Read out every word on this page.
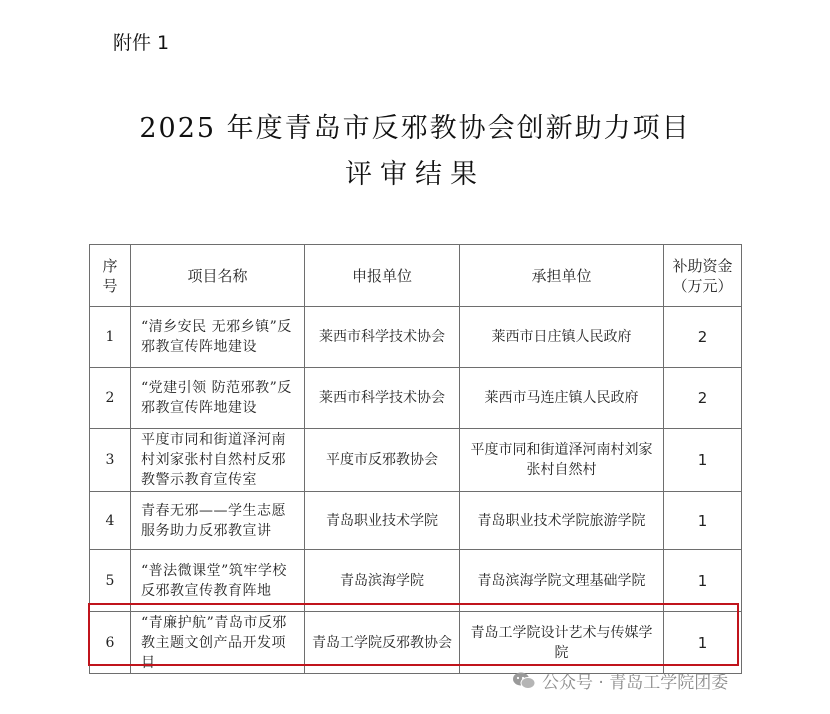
附件 1
2025 年度青岛市反邪教协会创新助力项目
评审结果
序号	项目名称	申报单位	承担单位	补助资金（万元）
1	“清乡安民 无邪乡镇”反邪教宣传阵地建设	莱西市科学技术协会	莱西市日庄镇人民政府	2
2	“党建引领 防范邪教”反邪教宣传阵地建设	莱西市科学技术协会	莱西市马连庄镇人民政府	2
3	平度市同和街道泽河南村刘家张村自然村反邪教警示教育宣传室	平度市反邪教协会	平度市同和街道泽河南村刘家张村自然村	1
4	青春无邪——学生志愿服务助力反邪教宣讲	青岛职业技术学院	青岛职业技术学院旅游学院	1
5	“普法微课堂”筑牢学校反邪教宣传教育阵地	青岛滨海学院	青岛滨海学院文理基础学院	1
6	“青廉护航”青岛市反邪教主题文创产品开发项目	青岛工学院反邪教协会	青岛工学院设计艺术与传媒学院	1
公众号 · 青岛工学院团委
